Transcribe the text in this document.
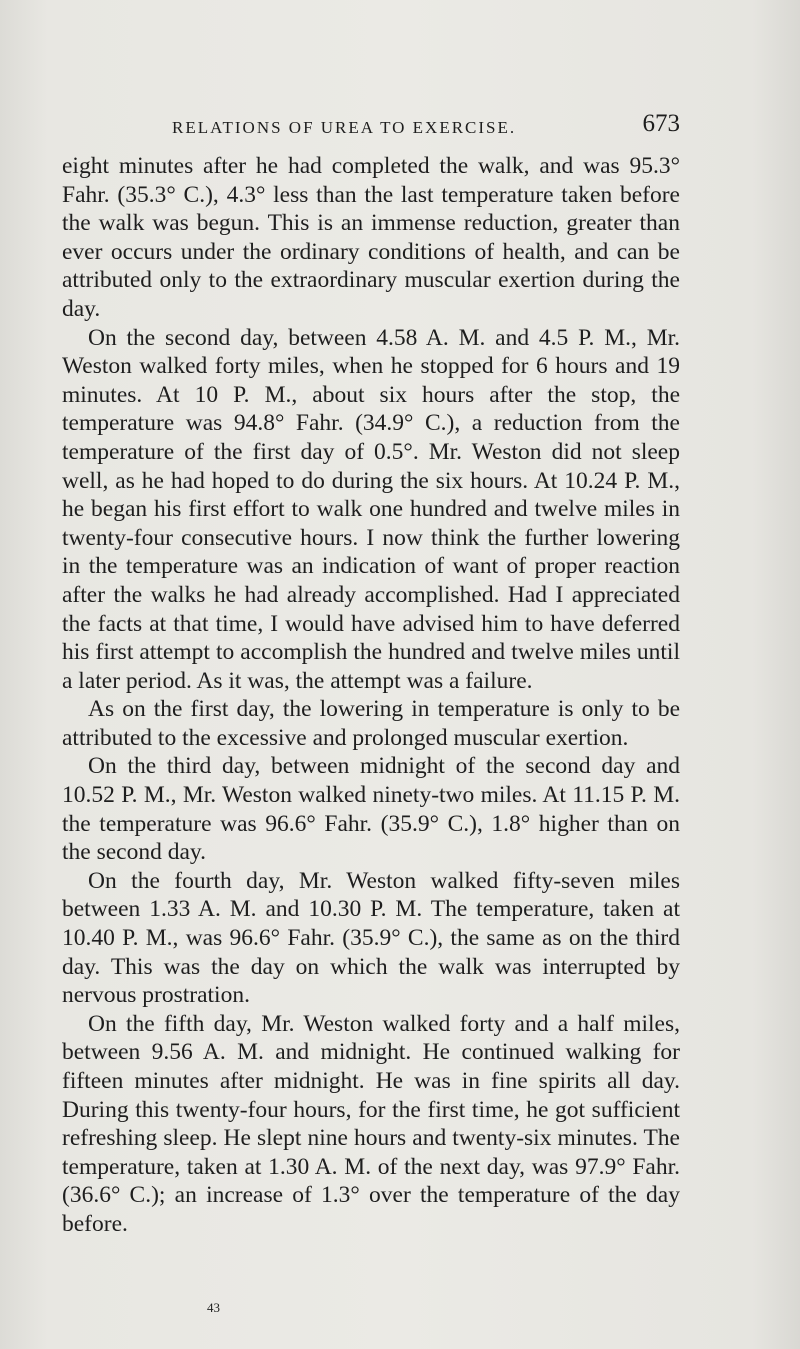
RELATIONS OF UREA TO EXERCISE.	673

eight minutes after he had completed the walk, and was 95.3° Fahr. (35.3° C.), 4.3° less than the last temperature taken before the walk was begun. This is an immense reduction, greater than ever occurs under the ordinary conditions of health, and can be attributed only to the extraordinary muscular exertion during the day.

On the second day, between 4.58 A. M. and 4.5 P. M., Mr. Weston walked forty miles, when he stopped for 6 hours and 19 minutes. At 10 P. M., about six hours after the stop, the temperature was 94.8° Fahr. (34.9° C.), a reduction from the temperature of the first day of 0.5°. Mr. Weston did not sleep well, as he had hoped to do during the six hours. At 10.24 P. M., he began his first effort to walk one hundred and twelve miles in twenty-four consecutive hours. I now think the further lowering in the temperature was an indication of want of proper reaction after the walks he had already accomplished. Had I appreciated the facts at that time, I would have advised him to have deferred his first attempt to accomplish the hundred and twelve miles until a later period. As it was, the attempt was a failure.

As on the first day, the lowering in temperature is only to be attributed to the excessive and prolonged muscular exertion.

On the third day, between midnight of the second day and 10.52 P. M., Mr. Weston walked ninety-two miles. At 11.15 P. M. the temperature was 96.6° Fahr. (35.9° C.), 1.8° higher than on the second day.

On the fourth day, Mr. Weston walked fifty-seven miles between 1.33 A. M. and 10.30 P. M. The temperature, taken at 10.40 P. M., was 96.6° Fahr. (35.9° C.), the same as on the third day. This was the day on which the walk was interrupted by nervous prostration.

On the fifth day, Mr. Weston walked forty and a half miles, between 9.56 A. M. and midnight. He continued walking for fifteen minutes after midnight. He was in fine spirits all day. During this twenty-four hours, for the first time, he got sufficient refreshing sleep. He slept nine hours and twenty-six minutes. The temperature, taken at 1.30 A. M. of the next day, was 97.9° Fahr. (36.6° C.); an increase of 1.3° over the temperature of the day before.

43
